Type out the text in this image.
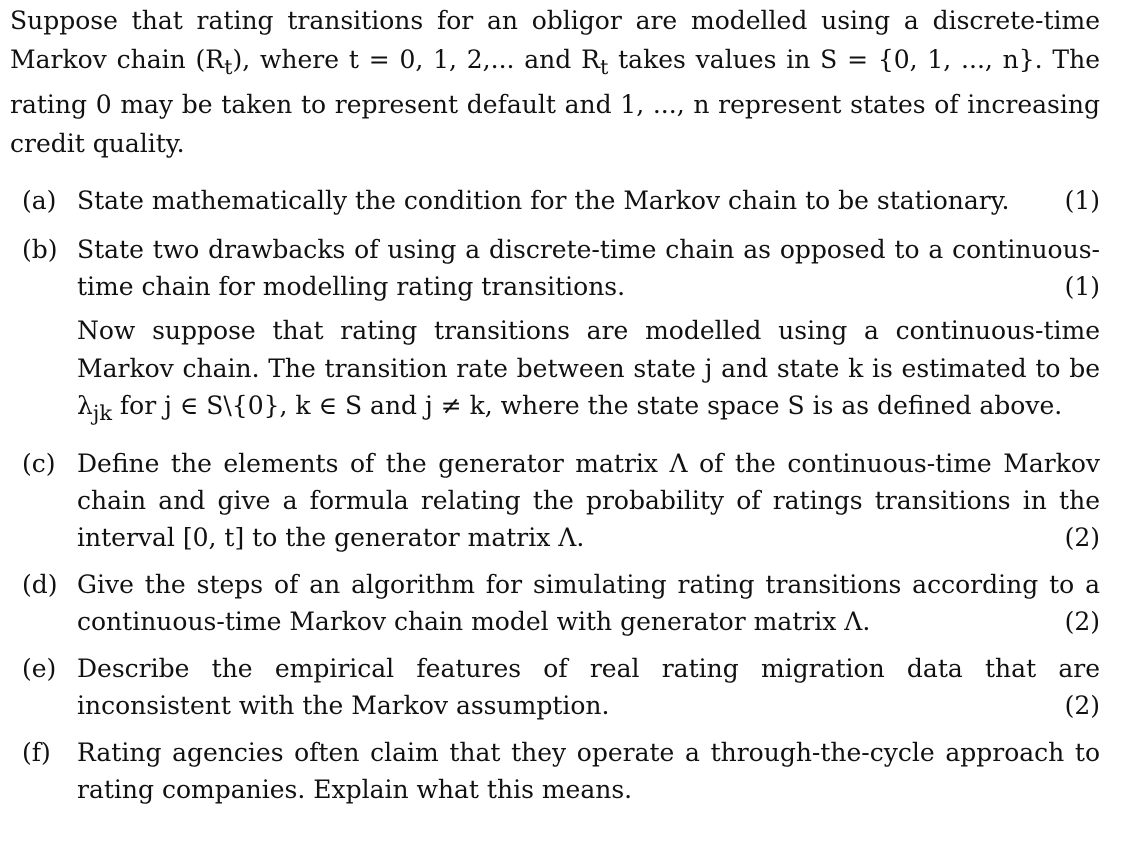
Suppose that rating transitions for an obligor are modelled using a discrete-time Markov chain $(R_t)$, where t = 0, 1, 2,... and $R_t$ takes values in S = {0, 1, ..., n}. The rating 0 may be taken to represent default and 1, ..., n represent states of increasing credit quality.

(a)	(1)
State mathematically the condition for the Markov chain to be stationary.
(b) State two drawbacks of using a discrete-time chain as opposed to a continuous-time chain for modelling rating transitions.	(1)
Now suppose that rating transitions are modelled using a continuous-time Markov chain. The transition rate between state j and state k is estimated to be $\lambda_{jk}$ for j ∈ S\{0}, k ∈ S and j ≠ k, where the state space S is as defined above.
(c) Define the elements of the generator matrix Λ of the continuous-time Markov chain and give a formula relating the probability of ratings transitions in the interval [0, t] to the generator matrix Λ.	(2)
(d) Give the steps of an algorithm for simulating rating transitions according to a continuous-time Markov chain model with generator matrix Λ.	(2)
(e) Describe the empirical features of real rating migration data that are inconsistent with the Markov assumption.	(2)
(f) Rating agencies often claim that they operate a through-the-cycle approach to rating companies. Explain what this means.
